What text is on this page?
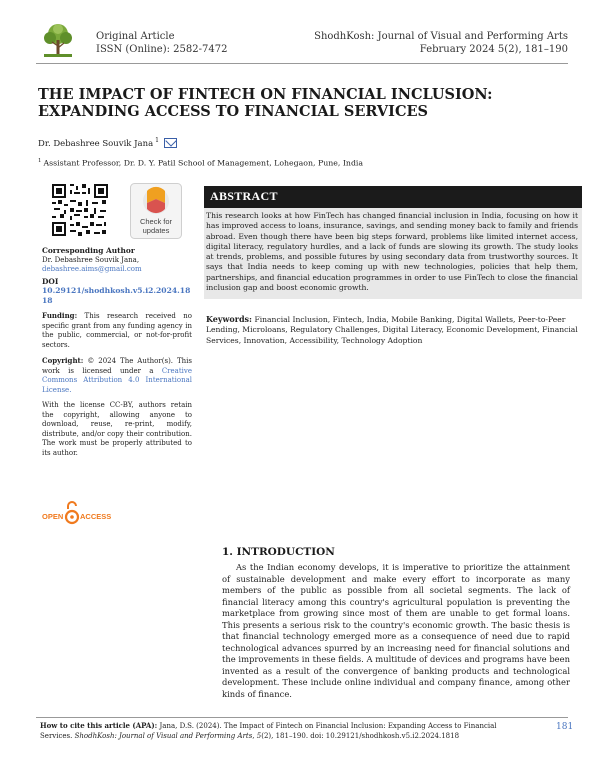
Original Article
ISSN (Online): 2582-7472
ShodhKosh: Journal of Visual and Performing Arts
February 2024 5(2), 181–190
THE IMPACT OF FINTECH ON FINANCIAL INCLUSION: EXPANDING ACCESS TO FINANCIAL SERVICES
Dr. Debashree Souvik Jana $^1$
$^1$ Assistant Professor, Dr. D. Y. Patil School of Management, Lohegaon, Pune, India
Check for
updates

Corresponding Author

Dr. Debashree Souvik Jana,

debashree.aims@gmail.com

DOI

10.29121/shodhkosh.v5.i2.2024.1818

Funding: This research received no specific grant from any funding agency in the public, commercial, or not-for-profit sectors.

Copyright: © 2024 The Author(s). This work is licensed under a Creative Commons Attribution 4.0 International License.

With the license CC-BY, authors retain the copyright, allowing anyone to download, reuse, re-print, modify, distribute, and/or copy their contribution. The work must be properly attributed to its author.

OPEN ACCESS
ABSTRACT
This research looks at how FinTech has changed financial inclusion in India, focusing on how it has improved access to loans, insurance, savings, and sending money back to family and friends abroad. Even though there have been big steps forward, problems like limited internet access, digital literacy, regulatory hurdles, and a lack of funds are slowing its growth. The study looks at trends, problems, and possible futures by using secondary data from trustworthy sources. It says that India needs to keep coming up with new technologies, policies that help them, partnerships, and financial education programmes in order to use FinTech to close the financial inclusion gap and boost economic growth.
Keywords: Financial Inclusion, Fintech, India, Mobile Banking, Digital Wallets, Peer-to-Peer Lending, Microloans, Regulatory Challenges, Digital Literacy, Economic Development, Financial Services, Innovation, Accessibility, Technology Adoption
1. INTRODUCTION
As the Indian economy develops, it is imperative to prioritize the attainment of sustainable development and make every effort to incorporate as many members of the public as possible from all societal segments. The lack of financial literacy among this country's agricultural population is preventing the marketplace from growing since most of them are unable to get formal loans. This presents a serious risk to the country's economic growth. The basic thesis is that financial technology emerged more as a consequence of need due to rapid technological advances spurred by an increasing need for financial solutions and the improvements in these fields. A multitude of devices and programs have been invented as a result of the convergence of banking products and technological development. These include online individual and company finance, among other kinds of finance.
How to cite this article (APA): Jana, D.S. (2024). The Impact of Fintech on Financial Inclusion: Expanding Access to Financial Services. ShodhKosh: Journal of Visual and Performing Arts, 5(2), 181–190. doi: 10.29121/shodhkosh.v5.i2.2024.1818
181
